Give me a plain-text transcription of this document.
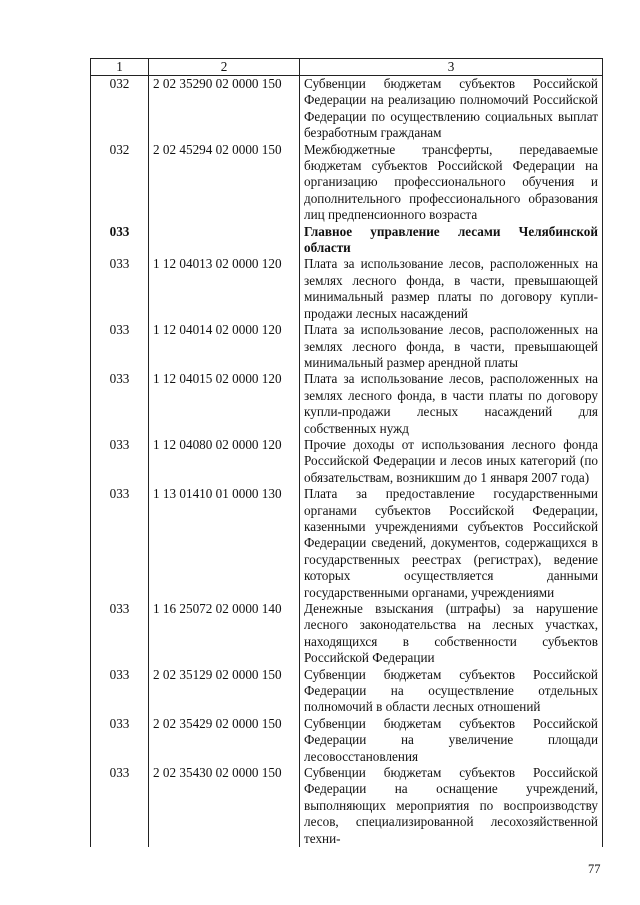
1	2	3
032	2 02 35290 02 0000 150	Субвенции бюджетам субъектов Российской Федерации на реализацию полномочий Российской Федерации по осуществлению социальных выплат безработным гражданам
032	2 02 45294 02 0000 150	Межбюджетные трансферты, передаваемые бюджетам субъектов Российской Федерации на организацию профессионального обучения и дополнительного профессионального образования лиц предпенсионного возраста
033		Главное управление лесами Челябинской области
033	1 12 04013 02 0000 120	Плата за использование лесов, расположенных на землях лесного фонда, в части, превышающей минимальный размер платы по договору купли-продажи лесных насаждений
033	1 12 04014 02 0000 120	Плата за использование лесов, расположенных на землях лесного фонда, в части, превышающей минимальный размер арендной платы
033	1 12 04015 02 0000 120	Плата за использование лесов, расположенных на землях лесного фонда, в части платы по договору купли-продажи лесных насаждений для собственных нужд
033	1 12 04080 02 0000 120	Прочие доходы от использования лесного фонда Российской Федерации и лесов иных категорий (по обязательствам, возникшим до 1 января 2007 года)
033	1 13 01410 01 0000 130	Плата за предоставление государственными органами субъектов Российской Федерации, казенными учреждениями субъектов Российской Федерации сведений, документов, содержащихся в государственных реестрах (регистрах), ведение которых осуществляется данными государственными органами, учреждениями
033	1 16 25072 02 0000 140	Денежные взыскания (штрафы) за нарушение лесного законодательства на лесных участках, находящихся в собственности субъектов Российской Федерации
033	2 02 35129 02 0000 150	Субвенции бюджетам субъектов Российской Федерации на осуществление отдельных полномочий в области лесных отношений
033	2 02 35429 02 0000 150	Субвенции бюджетам субъектов Российской Федерации на увеличение площади лесовосстановления
033	2 02 35430 02 0000 150	Субвенции бюджетам субъектов Российской Федерации на оснащение учреждений, выполняющих мероприятия по воспроизводству лесов, специализированной лесохозяйственной техни-
77
